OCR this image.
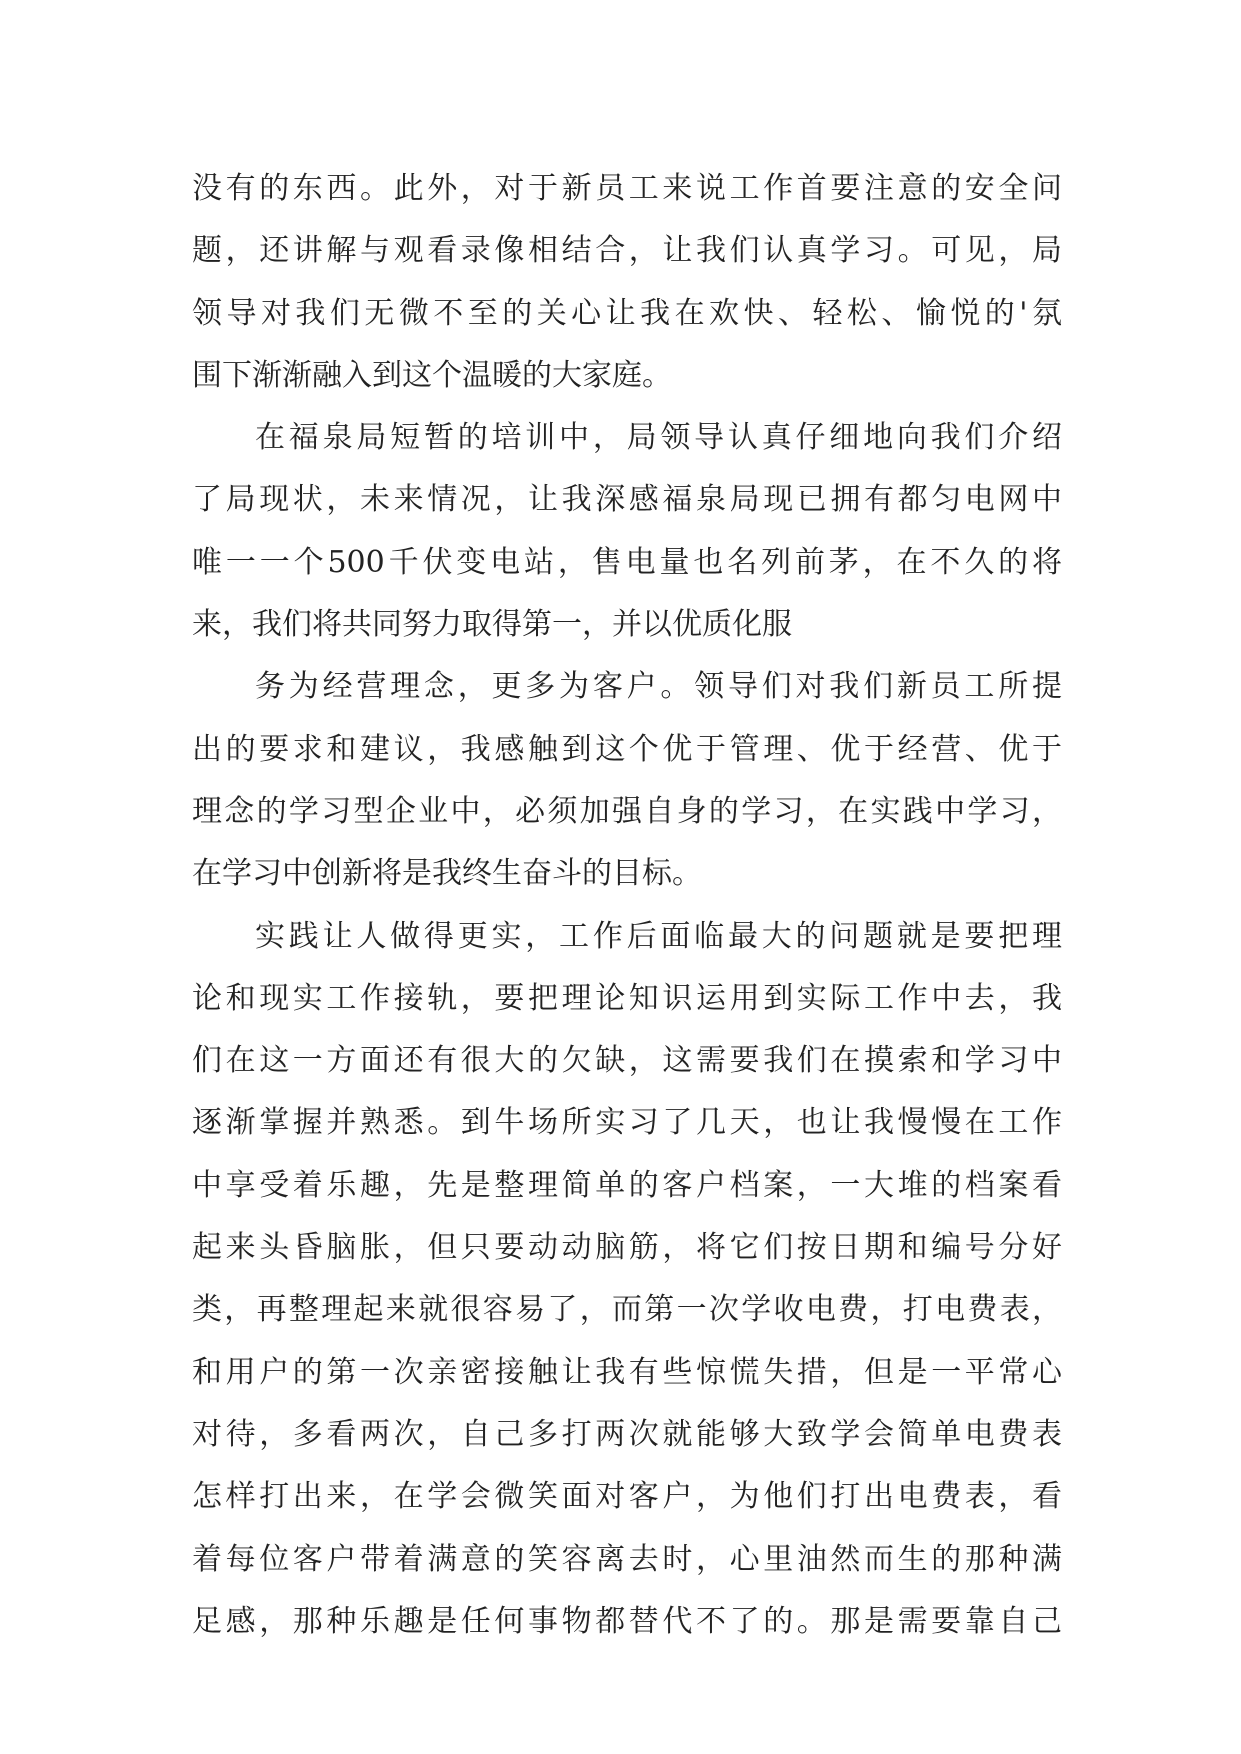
没有的东西。此外，对于新员工来说工作首要注意的安全问
题，还讲解与观看录像相结合，让我们认真学习。可见，局
领导对我们无微不至的关心让我在欢快、轻松、愉悦的'氛
围下渐渐融入到这个温暖的大家庭。
在福泉局短暂的培训中，局领导认真仔细地向我们介绍
了局现状，未来情况，让我深感福泉局现已拥有都匀电网中
唯一一个500千伏变电站，售电量也名列前茅，在不久的将
来，我们将共同努力取得第一，并以优质化服
务为经营理念，更多为客户。领导们对我们新员工所提
出的要求和建议，我感触到这个优于管理、优于经营、优于
理念的学习型企业中，必须加强自身的学习，在实践中学习，
在学习中创新将是我终生奋斗的目标。
实践让人做得更实，工作后面临最大的问题就是要把理
论和现实工作接轨，要把理论知识运用到实际工作中去，我
们在这一方面还有很大的欠缺，这需要我们在摸索和学习中
逐渐掌握并熟悉。到牛场所实习了几天，也让我慢慢在工作
中享受着乐趣，先是整理简单的客户档案，一大堆的档案看
起来头昏脑胀，但只要动动脑筋，将它们按日期和编号分好
类，再整理起来就很容易了，而第一次学收电费，打电费表，
和用户的第一次亲密接触让我有些惊慌失措，但是一平常心
对待，多看两次，自己多打两次就能够大致学会简单电费表
怎样打出来，在学会微笑面对客户，为他们打出电费表，看
着每位客户带着满意的笑容离去时，心里油然而生的那种满
足感，那种乐趣是任何事物都替代不了的。那是需要靠自己
